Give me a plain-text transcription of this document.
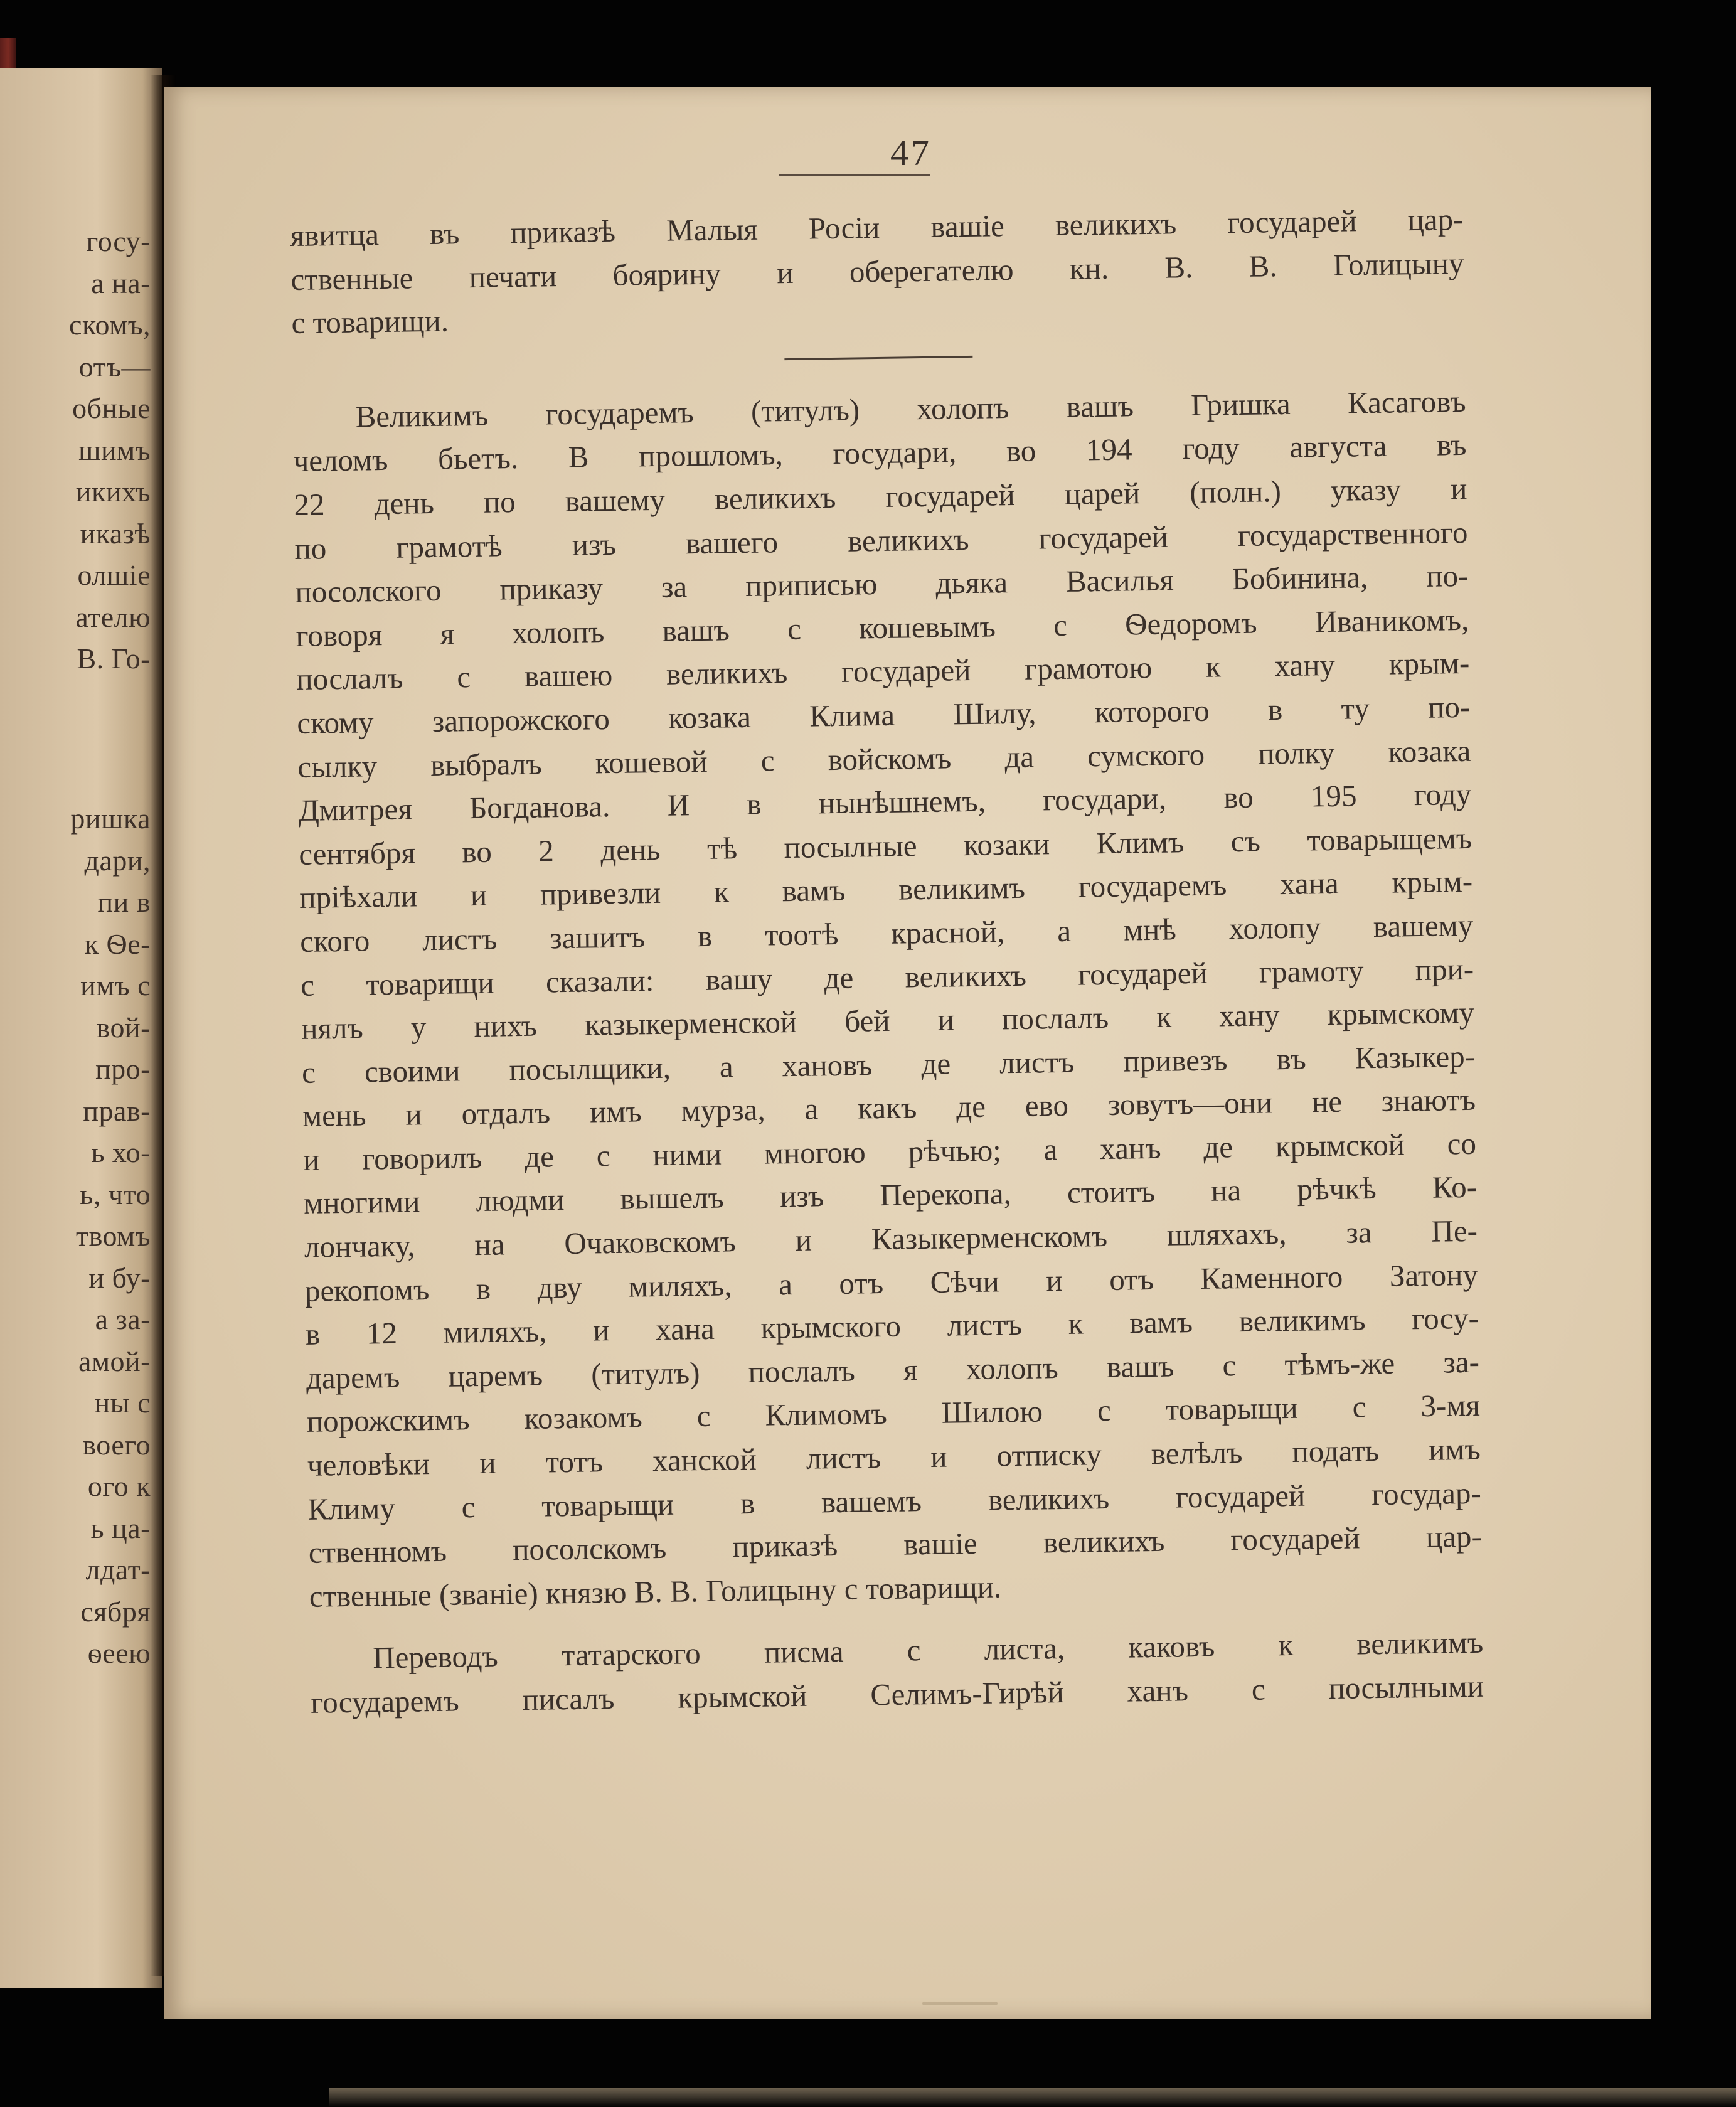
госу-
а на-
скомъ,
отъ—
обные
шимъ
икихъ
иказѣ
олшiе
ателю
В. Го-
ришка
дари,
пи в
к Ѳе-
имъ с
вой-
про-
прав-
ь хо-
ь, что
твомъ
и бу-
а за-
амой-
ны с
воего
ого к
ь ца-
лдат-
сября
ѳеею
47
явитца въ приказѣ Малыя Росiи вашiе великихъ государей цар-
ственные печати боярину и оберегателю кн. В. В. Голицыну
с товарищи.
Великимъ государемъ (титулъ) холопъ вашъ Гришка Касаговъ
челомъ бьетъ. В прошломъ, государи, во 194 году августа въ
22 день по вашему великихъ государей царей (полн.) указу и
по грамотѣ изъ вашего великихъ государей государственного
посолского приказу за приписью дьяка Василья Бобинина, по-
говоря я холопъ вашъ с кошевымъ с Ѳедоромъ Иваникомъ,
послалъ с вашею великихъ государей грамотою к хану крым-
скому запорожского козака Клима Шилу, которого в ту по-
сылку выбралъ кошевой с войскомъ да сумского полку козака
Дмитрея Богданова. И в нынѣшнемъ, государи, во 195 году
сентября во 2 день тѣ посылные козаки Климъ съ товарыщемъ
прiѣхали и привезли к вамъ великимъ государемъ хана крым-
ского листъ зашитъ в тоотѣ красной, а мнѣ холопу вашему
с товарищи сказали: вашу де великихъ государей грамоту при-
нялъ у нихъ казыкерменской бей и послалъ к хану крымскому
с своими посылщики, а хановъ де листъ привезъ въ Казыкер-
мень и отдалъ имъ мурза, а какъ де ево зовутъ—они не знаютъ
и говорилъ де с ними многою рѣчью; а ханъ де крымской со
многими людми вышелъ изъ Перекопа, стоитъ на рѣчкѣ Ко-
лончаку, на Очаковскомъ и Казыкерменскомъ шляхахъ, за Пе-
рекопомъ в дву миляхъ, а отъ Сѣчи и отъ Каменного Затону
в 12 миляхъ, и хана крымского листъ к вамъ великимъ госу-
даремъ царемъ (титулъ) послалъ я холопъ вашъ с тѣмъ-же за-
порожскимъ козакомъ с Климомъ Шилою с товарыщи с 3-мя
человѣки и тотъ ханской листъ и отписку велѣлъ подать имъ
Климу с товарыщи в вашемъ великихъ государей государ-
ственномъ посолскомъ приказѣ вашiе великихъ государей цар-
ственные (званiе) князю В. В. Голицыну с товарищи.
Переводъ татарского писма с листа, каковъ к великимъ
государемъ писалъ крымской Селимъ-Гирѣй ханъ с посылными
